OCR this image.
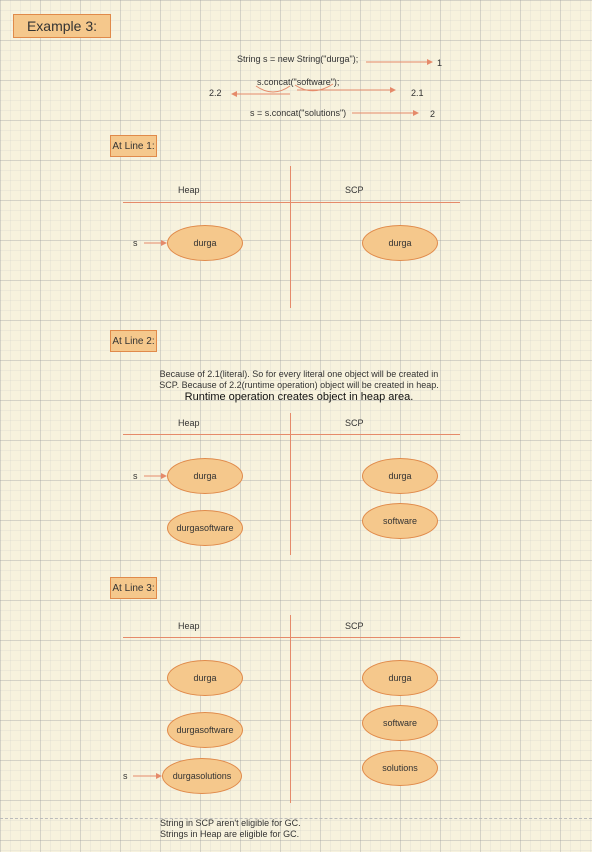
Example 3:
String s = new String("durga");	1
s.concat("software");
2.2	2.1
s = s.concat("solutions")	2
At Line 1:
At Line 2:
At Line 3:
Heap	SCP
s	durga	durga
Because of 2.1(literal). So for every literal one object will be created in
SCP. Because of 2.2(runtime operation) object will be created in heap.
Runtime operation creates object in heap area.
Heap	SCP
s	durga
durgasoftware
durga
software
Heap	SCP
s
durga
durgasoftware
durgasolutions
durga
software
solutions
String in SCP aren't eligible for GC.
Strings in Heap are eligible for GC.
